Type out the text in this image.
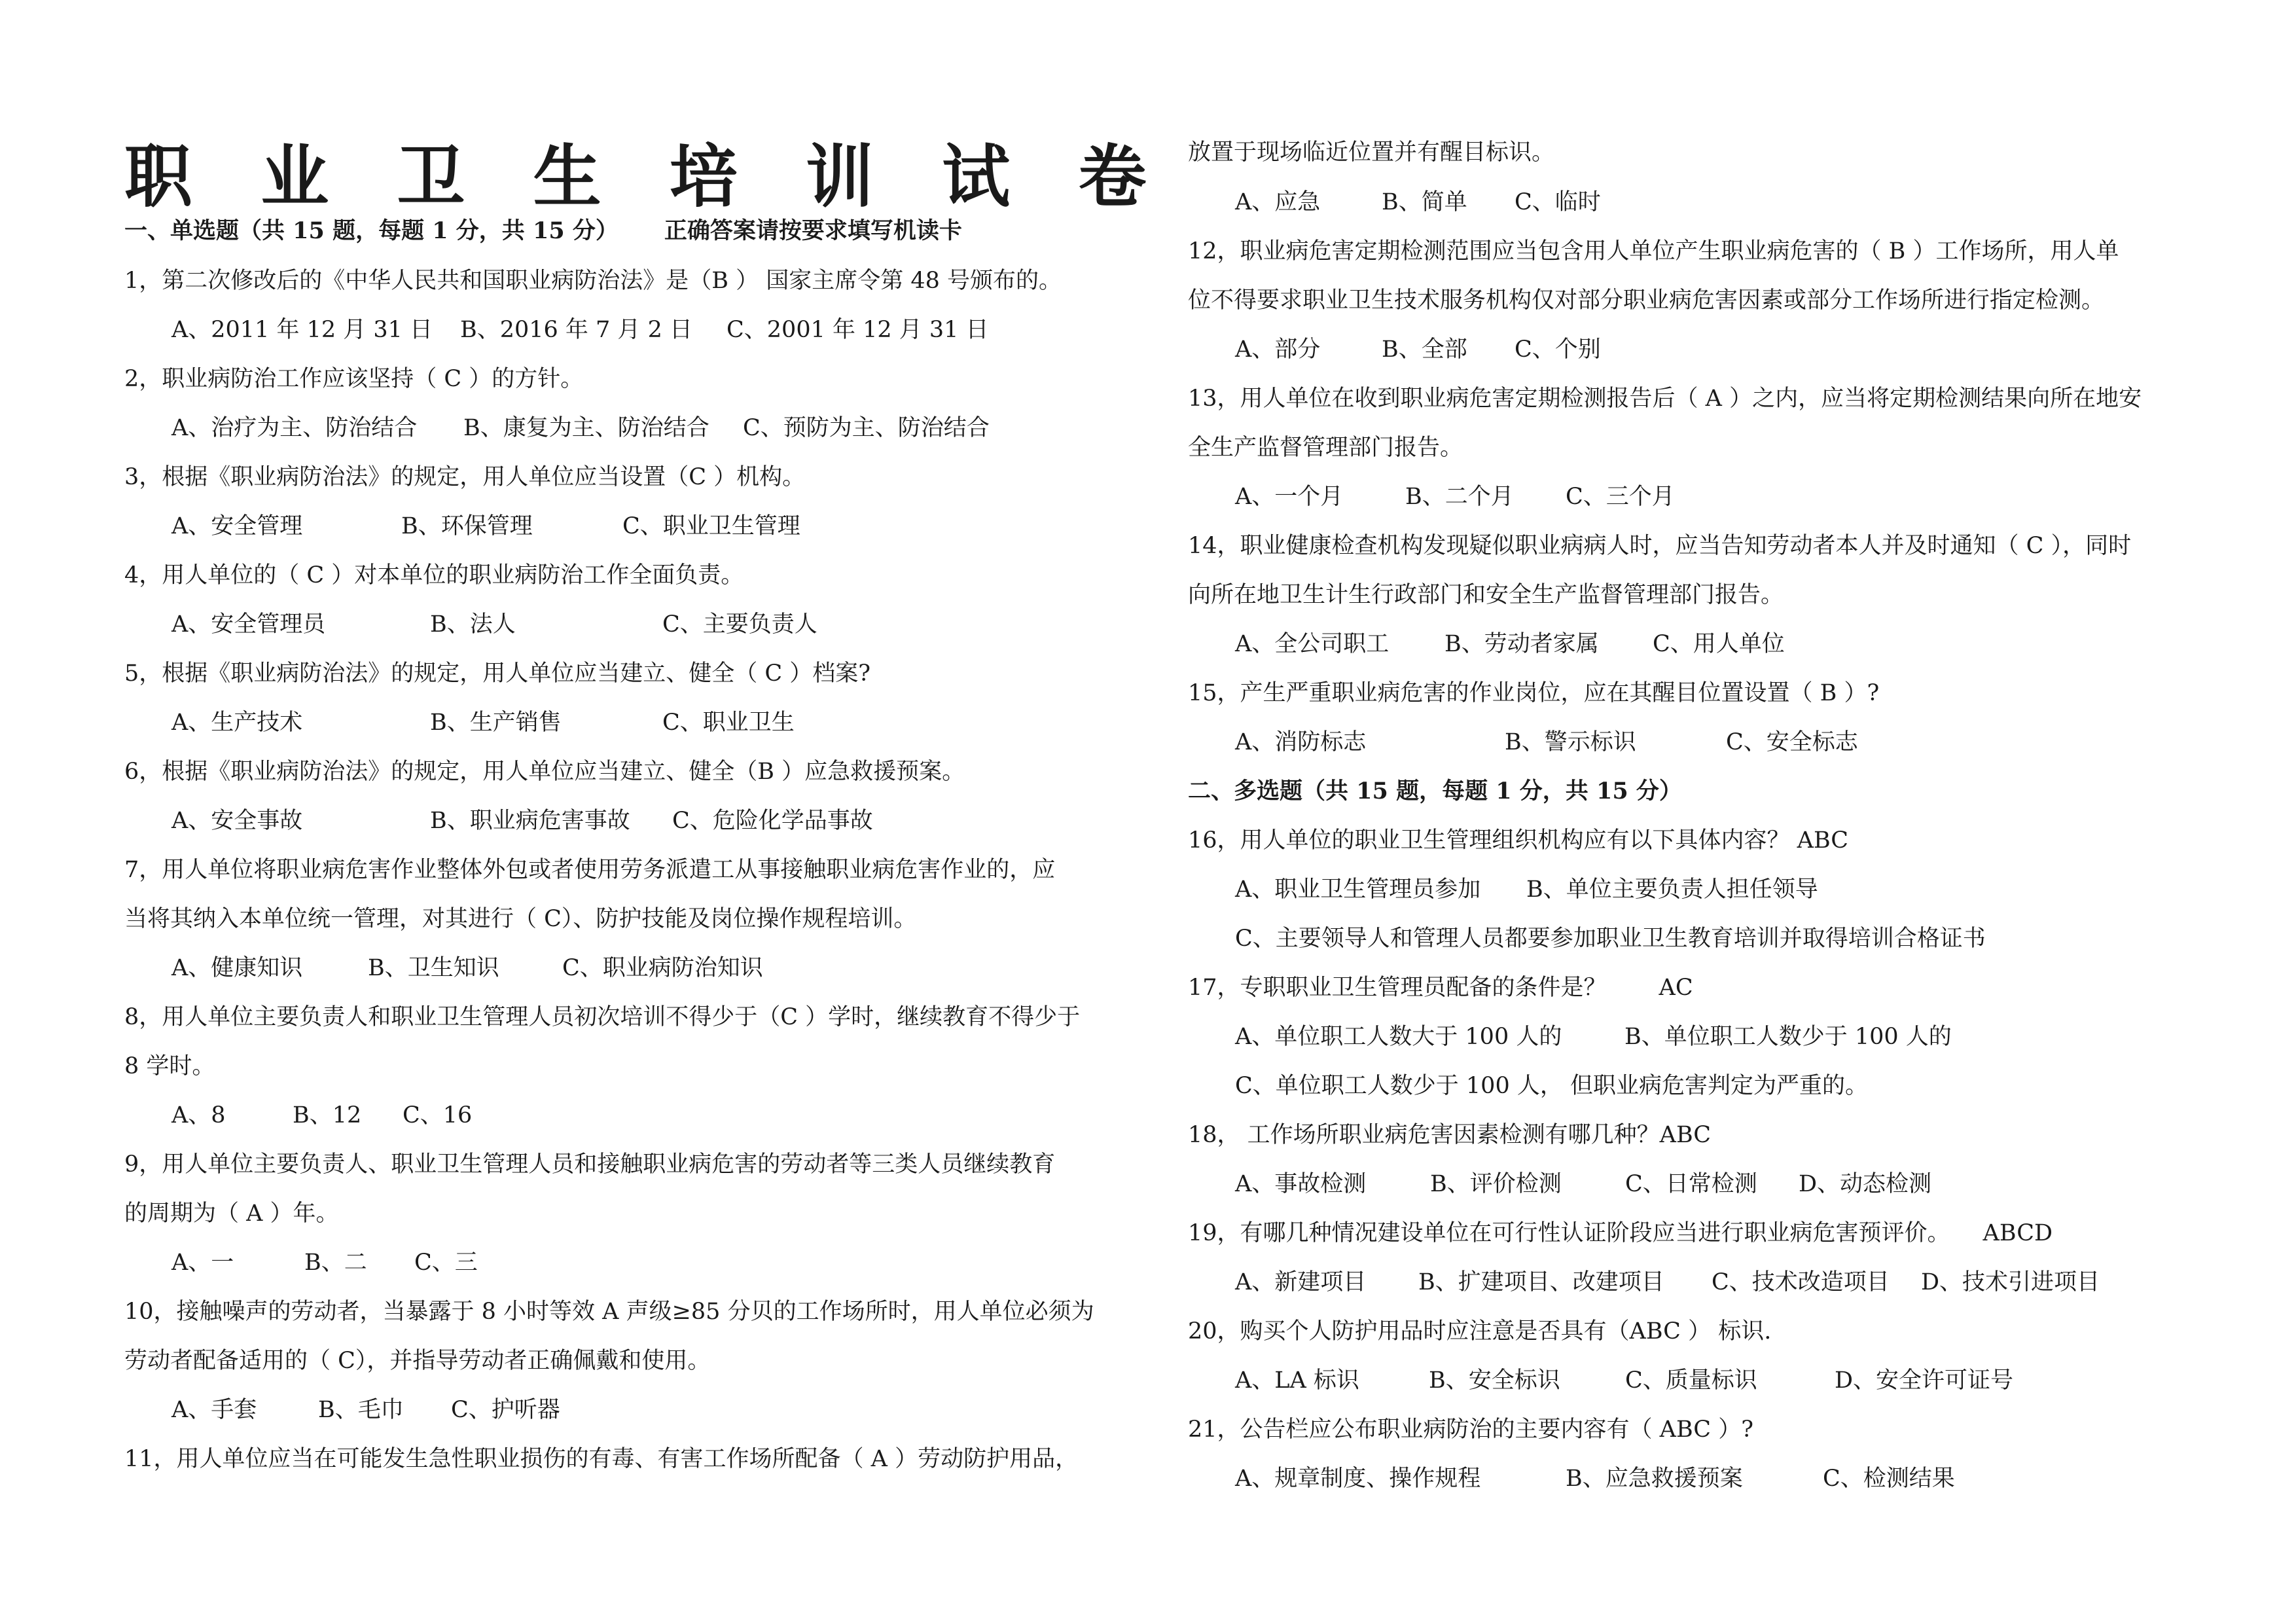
职 业 卫 生 培 训 试 卷
一、单选题（共 15 题，每题 1 分，共 15 分） 正确答案请按要求填写机读卡
1，第二次修改后的《中华人民共和国职业病防治法》是（B ） 国家主席令第 48 号颁布的。
A、2011 年 12 月 31 日 B、2016 年 7 月 2 日 C、2001 年 12 月 31 日
2，职业病防治工作应该坚持（ C ）的方针。
A、治疗为主、防治结合 B、康复为主、防治结合 C、预防为主、防治结合
3，根据《职业病防治法》的规定，用人单位应当设置（C ）机构。
A、安全管理	B、环保管理	C、职业卫生管理
4，用人单位的（ C ）对本单位的职业病防治工作全面负责。
A、安全管理员	B、法人	C、主要负责人
5，根据《职业病防治法》的规定，用人单位应当建立、健全（ C ）档案?
A、生产技术	B、生产销售	C、职业卫生
6，根据《职业病防治法》的规定，用人单位应当建立、健全（B ）应急救援预案。
A、安全事故	B、职业病危害事故 C、危险化学品事故
7，用人单位将职业病危害作业整体外包或者使用劳务派遣工从事接触职业病危害作业的，应
当将其纳入本单位统一管理，对其进行（ C）、防护技能及岗位操作规程培训。
A、健康知识	B、卫生知识	C、职业病防治知识
8，用人单位主要负责人和职业卫生管理人员初次培训不得少于（C ）学时，继续教育不得少于
8 学时。
A、8	B、12 C、16
9，用人单位主要负责人、职业卫生管理人员和接触职业病危害的劳动者等三类人员继续教育
的周期为（ A ）年。
A、一	B、二 C、三
10，接触噪声的劳动者，当暴露于 8 小时等效 A 声级≥85 分贝的工作场所时，用人单位必须为
劳动者配备适用的（ C），并指导劳动者正确佩戴和使用。
A、手套	B、毛巾 C、护听器
11，用人单位应当在可能发生急性职业损伤的有毒、有害工作场所配备（ A ）劳动防护用品，
放置于现场临近位置并有醒目标识。
A、应急	B、简单 C、临时
12，职业病危害定期检测范围应当包含用人单位产生职业病危害的（ B ）工作场所，用人单
位不得要求职业卫生技术服务机构仅对部分职业病危害因素或部分工作场所进行指定检测。
A、部分	B、全部 C、个别
13，用人单位在收到职业病危害定期检测报告后（ A ）之内，应当将定期检测结果向所在地安
全生产监督管理部门报告。
A、一个月	B、二个月 C、三个月
14，职业健康检查机构发现疑似职业病病人时，应当告知劳动者本人并及时通知（ C ），同时
向所在地卫生计生行政部门和安全生产监督管理部门报告。
A、全公司职工 B、劳动者家属 C、用人单位
15，产生严重职业病危害的作业岗位，应在其醒目位置设置（ B ）?
A、消防标志	B、警示标识	C、安全标志
二、多选题（共 15 题，每题 1 分，共 15 分）
16，用人单位的职业卫生管理组织机构应有以下具体内容？ ABC
A、职业卫生管理员参加 B、单位主要负责人担任领导
C、主要领导人和管理人员都要参加职业卫生教育培训并取得培训合格证书
17，专职职业卫生管理员配备的条件是？ AC
A、单位职工人数大于 100 人的	B、单位职工人数少于 100 人的
C、单位职工人数少于 100 人， 但职业病危害判定为严重的。
18， 工作场所职业病危害因素检测有哪几种？ABC
A、事故检测	B、评价检测	C、日常检测 D、动态检测
19，有哪几种情况建设单位在可行性认证阶段应当进行职业病危害预评价。 ABCD
A、新建项目 B、扩建项目、改建项目 C、技术改造项目 D、技术引进项目
20，购买个人防护用品时应注意是否具有（ABC ） 标识.
A、LA 标识	B、安全标识	C、质量标识	D、安全许可证号
21，公告栏应公布职业病防治的主要内容有（ ABC ）?
A、规章制度、操作规程	B、应急救援预案	C、检测结果
